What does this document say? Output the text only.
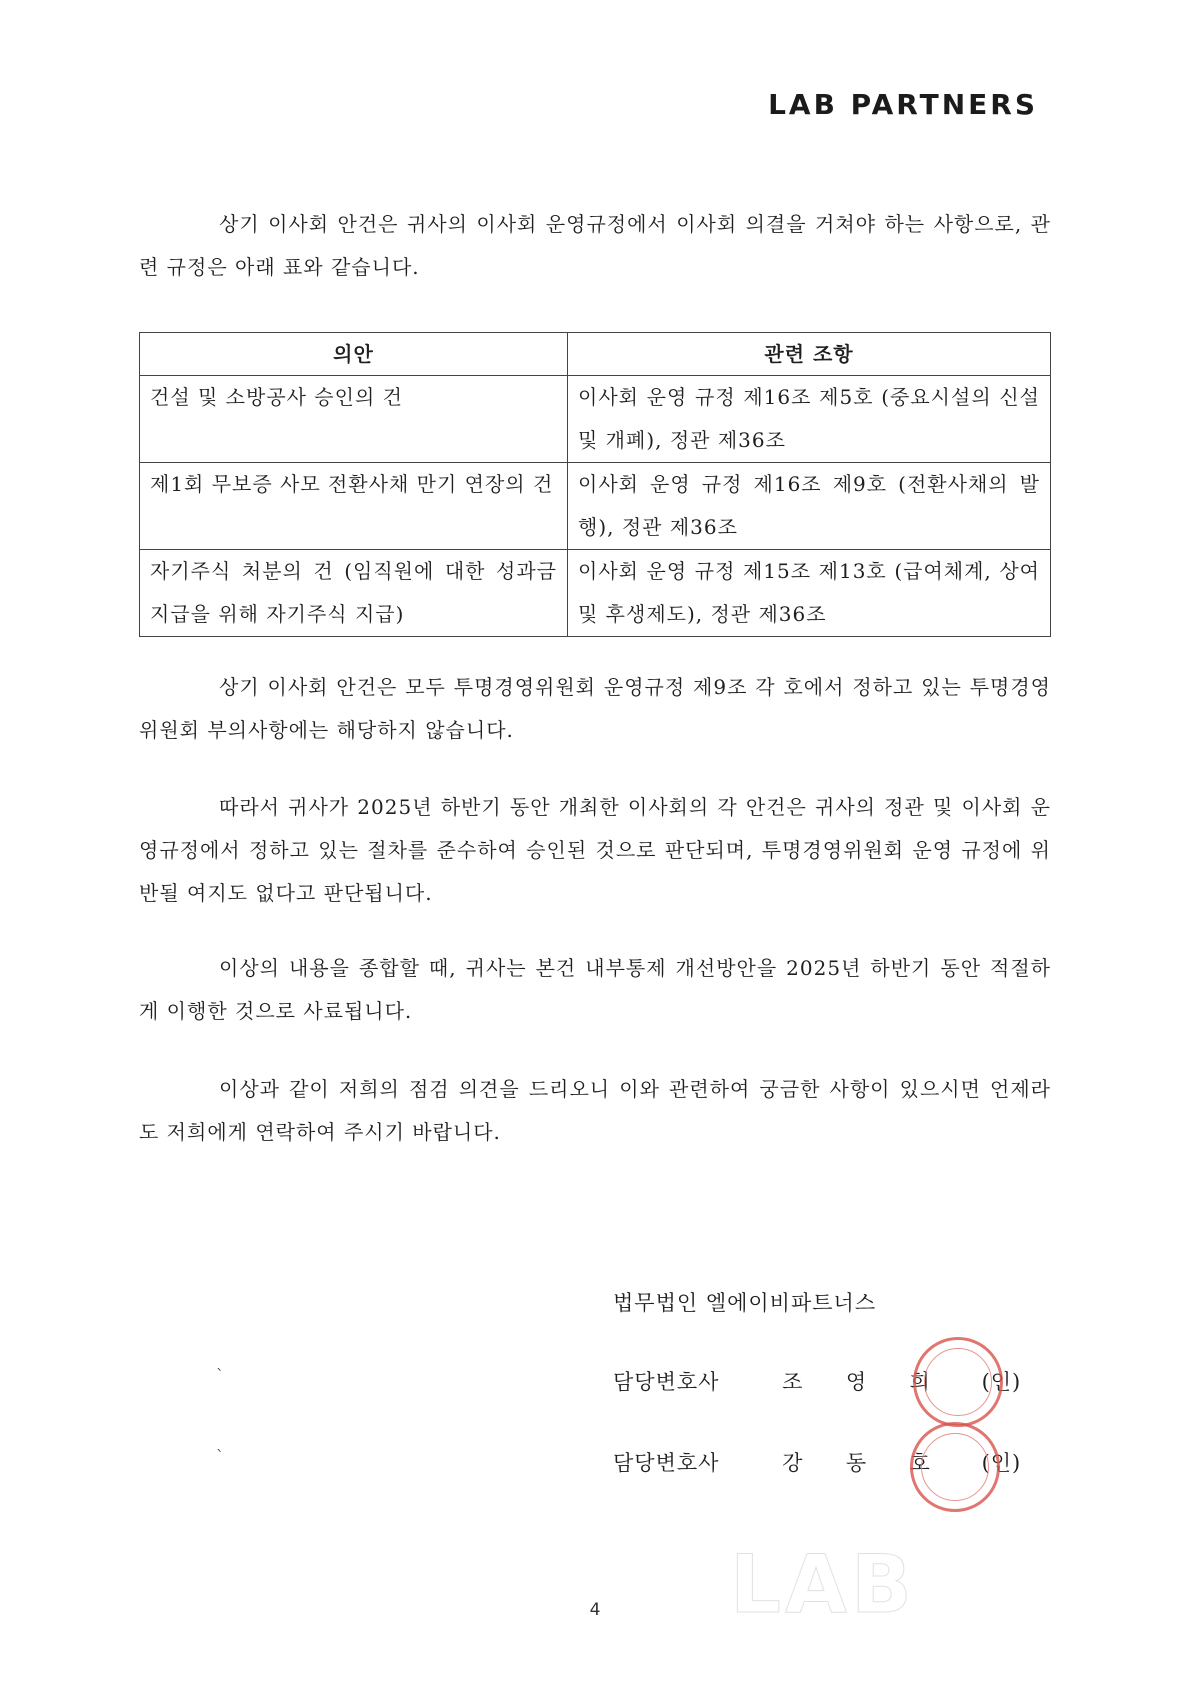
LAB PARTNERS

상기 이사회 안건은 귀사의 이사회 운영규정에서 이사회 의결을 거쳐야 하는 사항으로, 관련 규정은 아래 표와 같습니다.

의안	관련 조항
건설 및 소방공사 승인의 건	이사회 운영 규정 제16조 제5호 (중요시설의 신설 및 개폐), 정관 제36조
제1회 무보증 사모 전환사채 만기 연장의 건	이사회 운영 규정 제16조 제9호 (전환사채의 발행), 정관 제36조
자기주식 처분의 건 (임직원에 대한 성과금 지급을 위해 자기주식 지급)	이사회 운영 규정 제15조 제13호 (급여체계, 상여 및 후생제도), 정관 제36조

상기 이사회 안건은 모두 투명경영위원회 운영규정 제9조 각 호에서 정하고 있는 투명경영위원회 부의사항에는 해당하지 않습니다.

따라서 귀사가 2025년 하반기 동안 개최한 이사회의 각 안건은 귀사의 정관 및 이사회 운영규정에서 정하고 있는 절차를 준수하여 승인된 것으로 판단되며, 투명경영위원회 운영 규정에 위반될 여지도 없다고 판단됩니다.

이상의 내용을 종합할 때, 귀사는 본건 내부통제 개선방안을 2025년 하반기 동안 적절하게 이행한 것으로 사료됩니다.

이상과 같이 저희의 점검 의견을 드리오니 이와 관련하여 궁금한 사항이 있으시면 언제라도 저희에게 연락하여 주시기 바랍니다.

법무법인 엘에이비파트너스
`	담당변호사	조 영 희 (인)
`	담당변호사	강 동 호 (인)
LAB
4
